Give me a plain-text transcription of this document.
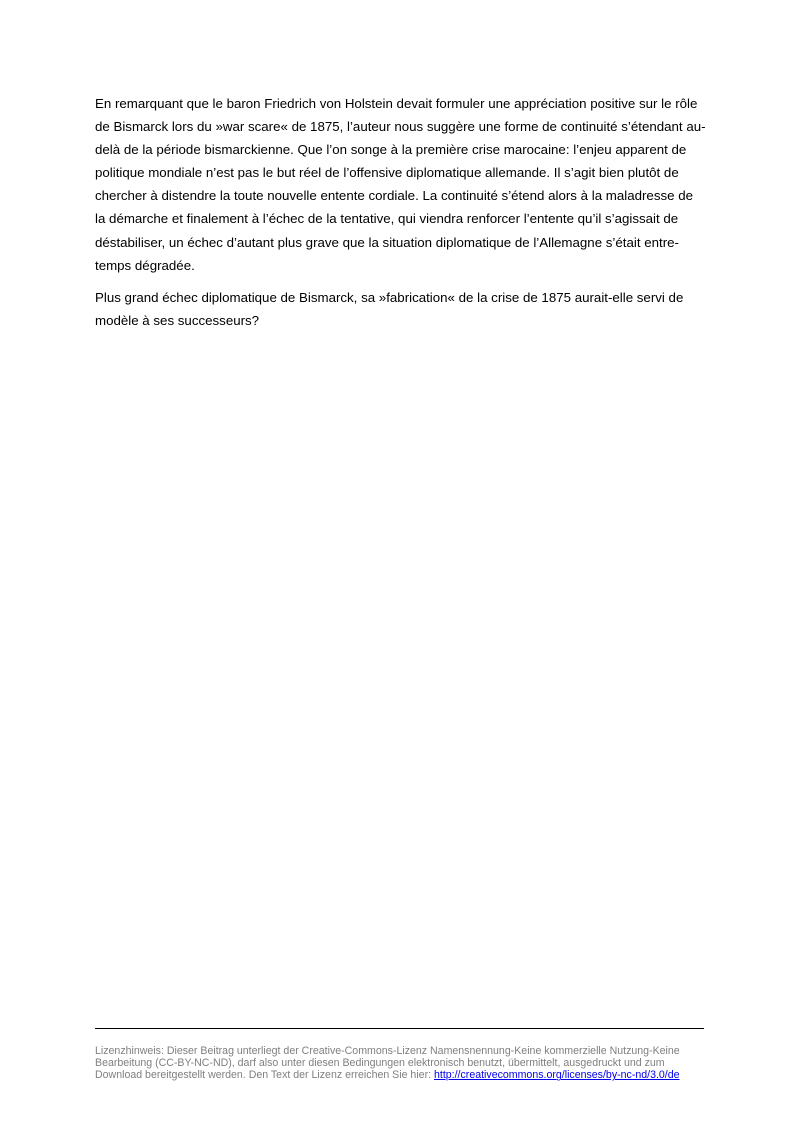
En remarquant que le baron Friedrich von Holstein devait formuler une appréciation positive sur le rôle de Bismarck lors du »war scare« de 1875, l’auteur nous suggère une forme de continuité s’étendant au-delà de la période bismarckienne. Que l’on songe à la première crise marocaine: l’enjeu apparent de politique mondiale n’est pas le but réel de l’offensive diplomatique allemande. Il s’agit bien plutôt de chercher à distendre la toute nouvelle entente cordiale. La continuité s’étend alors à la maladresse de la démarche et finalement à l’échec de la tentative, qui viendra renforcer l’entente qu’il s’agissait de déstabiliser, un échec d’autant plus grave que la situation diplomatique de l’Allemagne s’était entre-temps dégradée.

Plus grand échec diplomatique de Bismarck, sa »fabrication« de la crise de 1875 aurait-elle servi de modèle à ses successeurs?

Lizenzhinweis: Dieser Beitrag unterliegt der Creative-Commons-Lizenz Namensnennung-Keine kommerzielle Nutzung-Keine Bearbeitung (CC-BY-NC-ND), darf also unter diesen Bedingungen elektronisch benutzt, übermittelt, ausgedruckt und zum Download bereitgestellt werden. Den Text der Lizenz erreichen Sie hier: http://creativecommons.org/licenses/by-nc-nd/3.0/de
